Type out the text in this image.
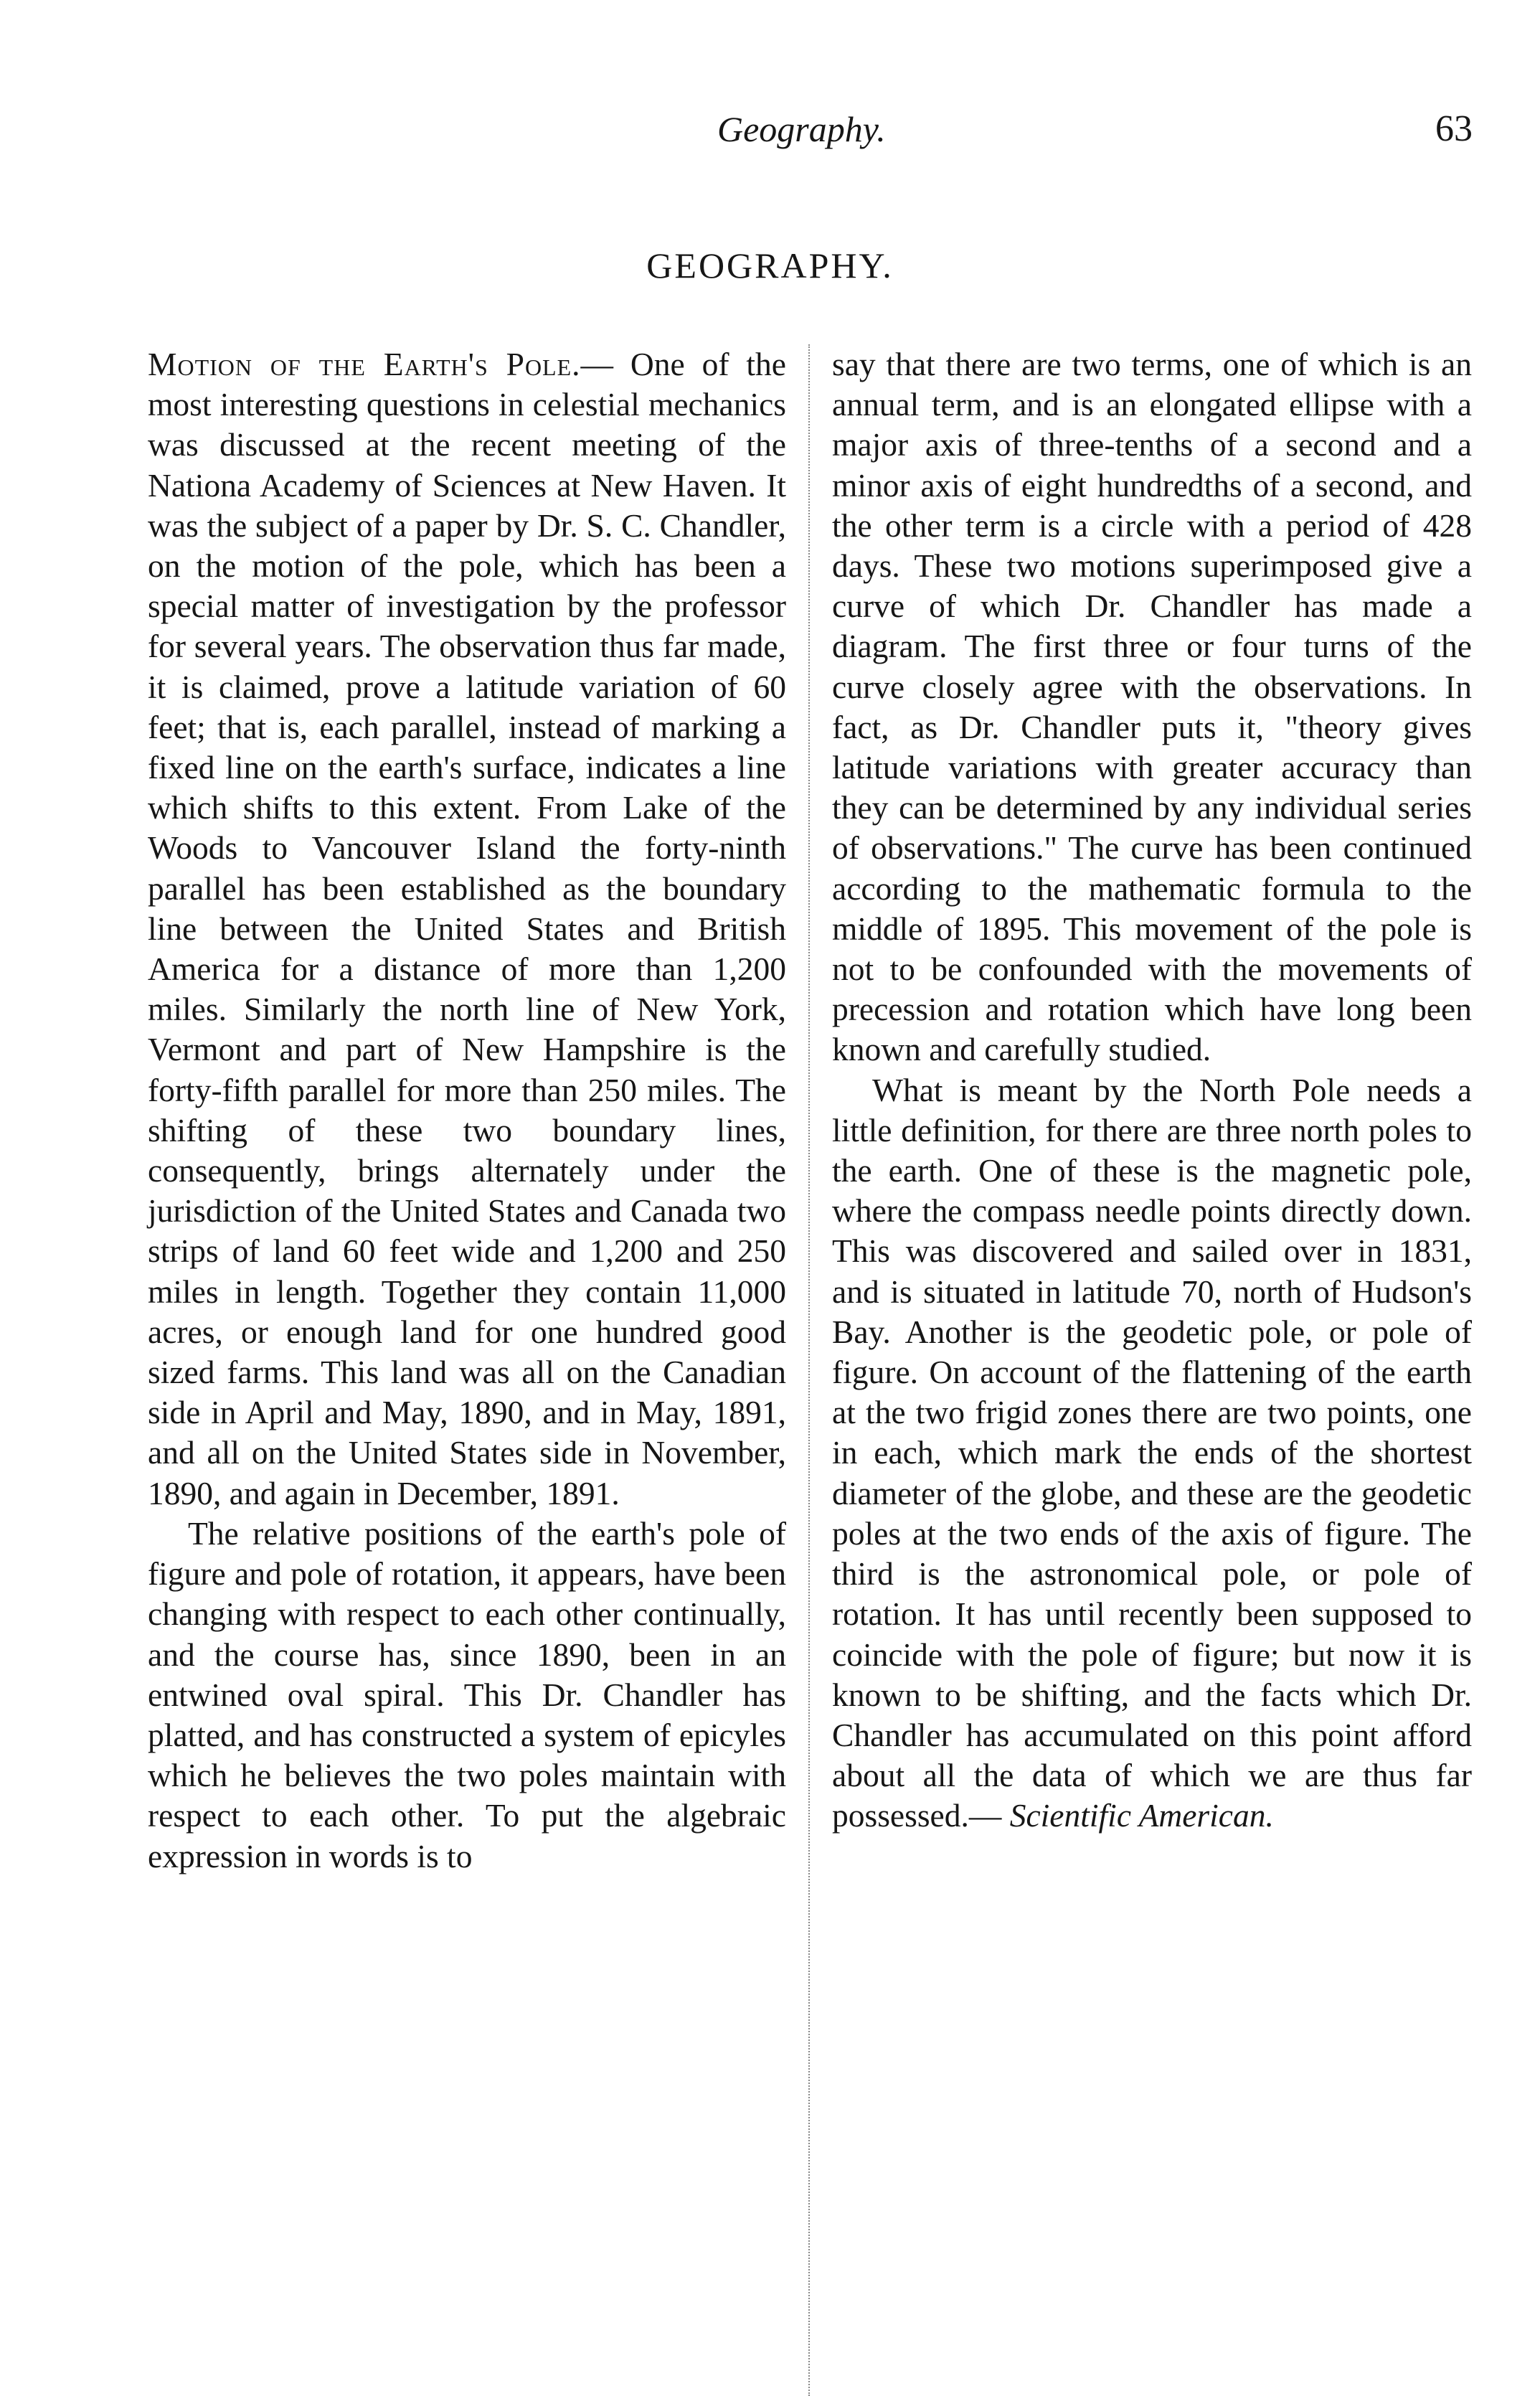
Geography.	63
GEOGRAPHY.

Motion of the Earth's Pole.— One of the most interesting questions in celestial mechanics was discussed at the recent meeting of the Nationa Academy of Sciences at New Haven. It was the subject of a paper by Dr. S. C. Chandler, on the motion of the pole, which has been a special matter of investigation by the professor for several years. The observation thus far made, it is claimed, prove a latitude variation of 60 feet; that is, each parallel, instead of marking a fixed line on the earth's surface, indicates a line which shifts to this extent. From Lake of the Woods to Vancouver Island the forty-ninth parallel has been established as the boundary line between the United States and British America for a distance of more than 1,200 miles. Similarly the north line of New York, Vermont and part of New Hampshire is the forty-fifth parallel for more than 250 miles. The shifting of these two boundary lines, consequently, brings alternately under the jurisdiction of the United States and Canada two strips of land 60 feet wide and 1,200 and 250 miles in length. Together they contain 11,000 acres, or enough land for one hundred good sized farms. This land was all on the Canadian side in April and May, 1890, and in May, 1891, and all on the United States side in November, 1890, and again in December, 1891.

The relative positions of the earth's pole of figure and pole of rotation, it appears, have been changing with respect to each other continually, and the course has, since 1890, been in an entwined oval spiral. This Dr. Chandler has platted, and has constructed a system of epicyles which he believes the two poles maintain with respect to each other. To put the algebraic expression in words is to

say that there are two terms, one of which is an annual term, and is an elongated ellipse with a major axis of three-tenths of a second and a minor axis of eight hundredths of a second, and the other term is a circle with a period of 428 days. These two motions superimposed give a curve of which Dr. Chandler has made a diagram. The first three or four turns of the curve closely agree with the observations. In fact, as Dr. Chandler puts it, "theory gives latitude variations with greater accuracy than they can be determined by any individual series of observations." The curve has been continued according to the mathematic formula to the middle of 1895. This movement of the pole is not to be confounded with the movements of precession and rotation which have long been known and carefully studied.

What is meant by the North Pole needs a little definition, for there are three north poles to the earth. One of these is the magnetic pole, where the compass needle points directly down. This was discovered and sailed over in 1831, and is situated in latitude 70, north of Hudson's Bay. Another is the geodetic pole, or pole of figure. On account of the flattening of the earth at the two frigid zones there are two points, one in each, which mark the ends of the shortest diameter of the globe, and these are the geodetic poles at the two ends of the axis of figure. The third is the astronomical pole, or pole of rotation. It has until recently been supposed to coincide with the pole of figure; but now it is known to be shifting, and the facts which Dr. Chandler has accumulated on this point afford about all the data of which we are thus far possessed.— Scientific American.
